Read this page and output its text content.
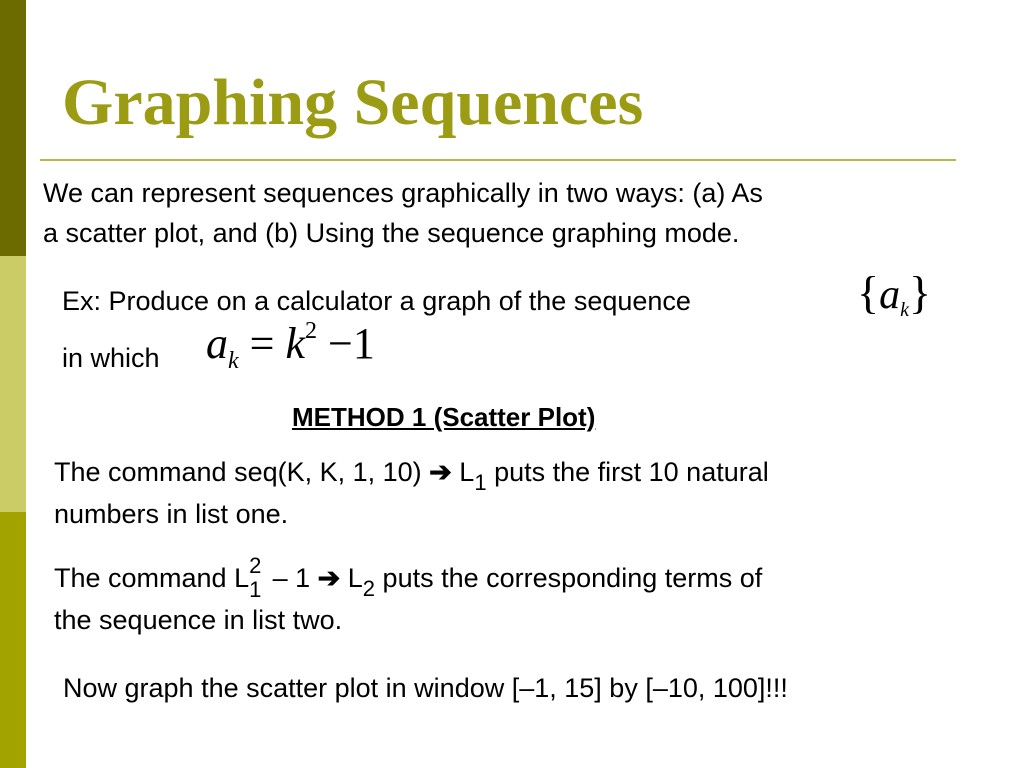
Graphing Sequences
We can represent sequences graphically in two ways: (a) As
a scatter plot, and (b) Using the sequence graphing mode.
Ex: Produce on a calculator a graph of the sequence	{ak}
in which $a_k = k^2 -1$
METHOD 1 (Scatter Plot)
The command seq(K, K, 1, 10) ➔ $L_1$ puts the first 10 natural
numbers in list one.
The command L 2
1 – 1 ➔ $L_2$ puts the corresponding terms of
the sequence in list two.
Now graph the scatter plot in window [–1, 15] by [–10, 100]!!!
